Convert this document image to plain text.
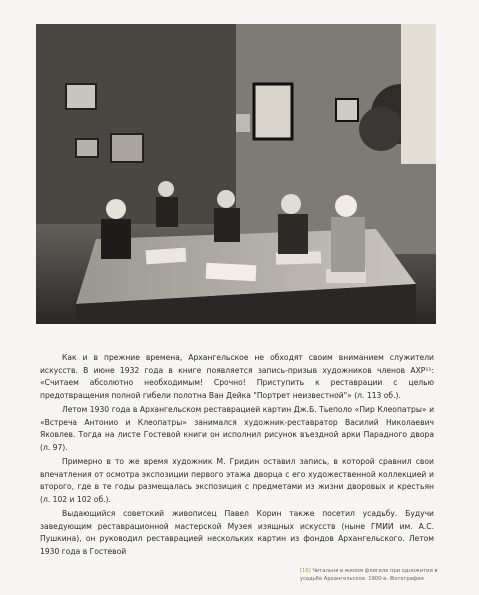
Как и в прежние времена, Архангельское не обходят своим вниманием служители искусств. В июне 1932 года в книге появляется запись-призыв художников членов АХР¹¹: «Считаем абсолютно необходимым! Срочно! Приступить к реставрации с целью предотвращения полной гибели полотна Ван Дейка "Портрет неизвестной"» (л. 113 об.).

Летом 1930 года в Архангельском реставрацией картин Дж.Б. Тьеполо «Пир Клеопатры» и «Встреча Антонио и Клеопатры» занимался художник-реставратор Василий Николаевич Яковлев. Тогда на листе Гостевой книги он исполнил рисунок въездной арки Парадного двора (л. 97).

Примерно в то же время художник М. Гридин оставил запись, в которой сравнил свои впечатления от осмотра экспозиции первого этажа дворца с его художественной коллекцией и второго, где в те годы размещалась экспозиция с предметами из жизни дворовых и крестьян (л. 102 и 102 об.).

Выдающийся советский живописец Павел Корин также посетил усадьбу. Будучи заведующим реставрационной мастерской Музея изящных искусств (ныне ГМИИ им. А.С. Пушкина), он руководил реставрацией нескольких картин из фондов Архангельского. Летом 1930 года в Гостевой

[16] Читальня в жилом флигеле при одножитии в усадьбе Архангельское. 1900-е. Фотография
